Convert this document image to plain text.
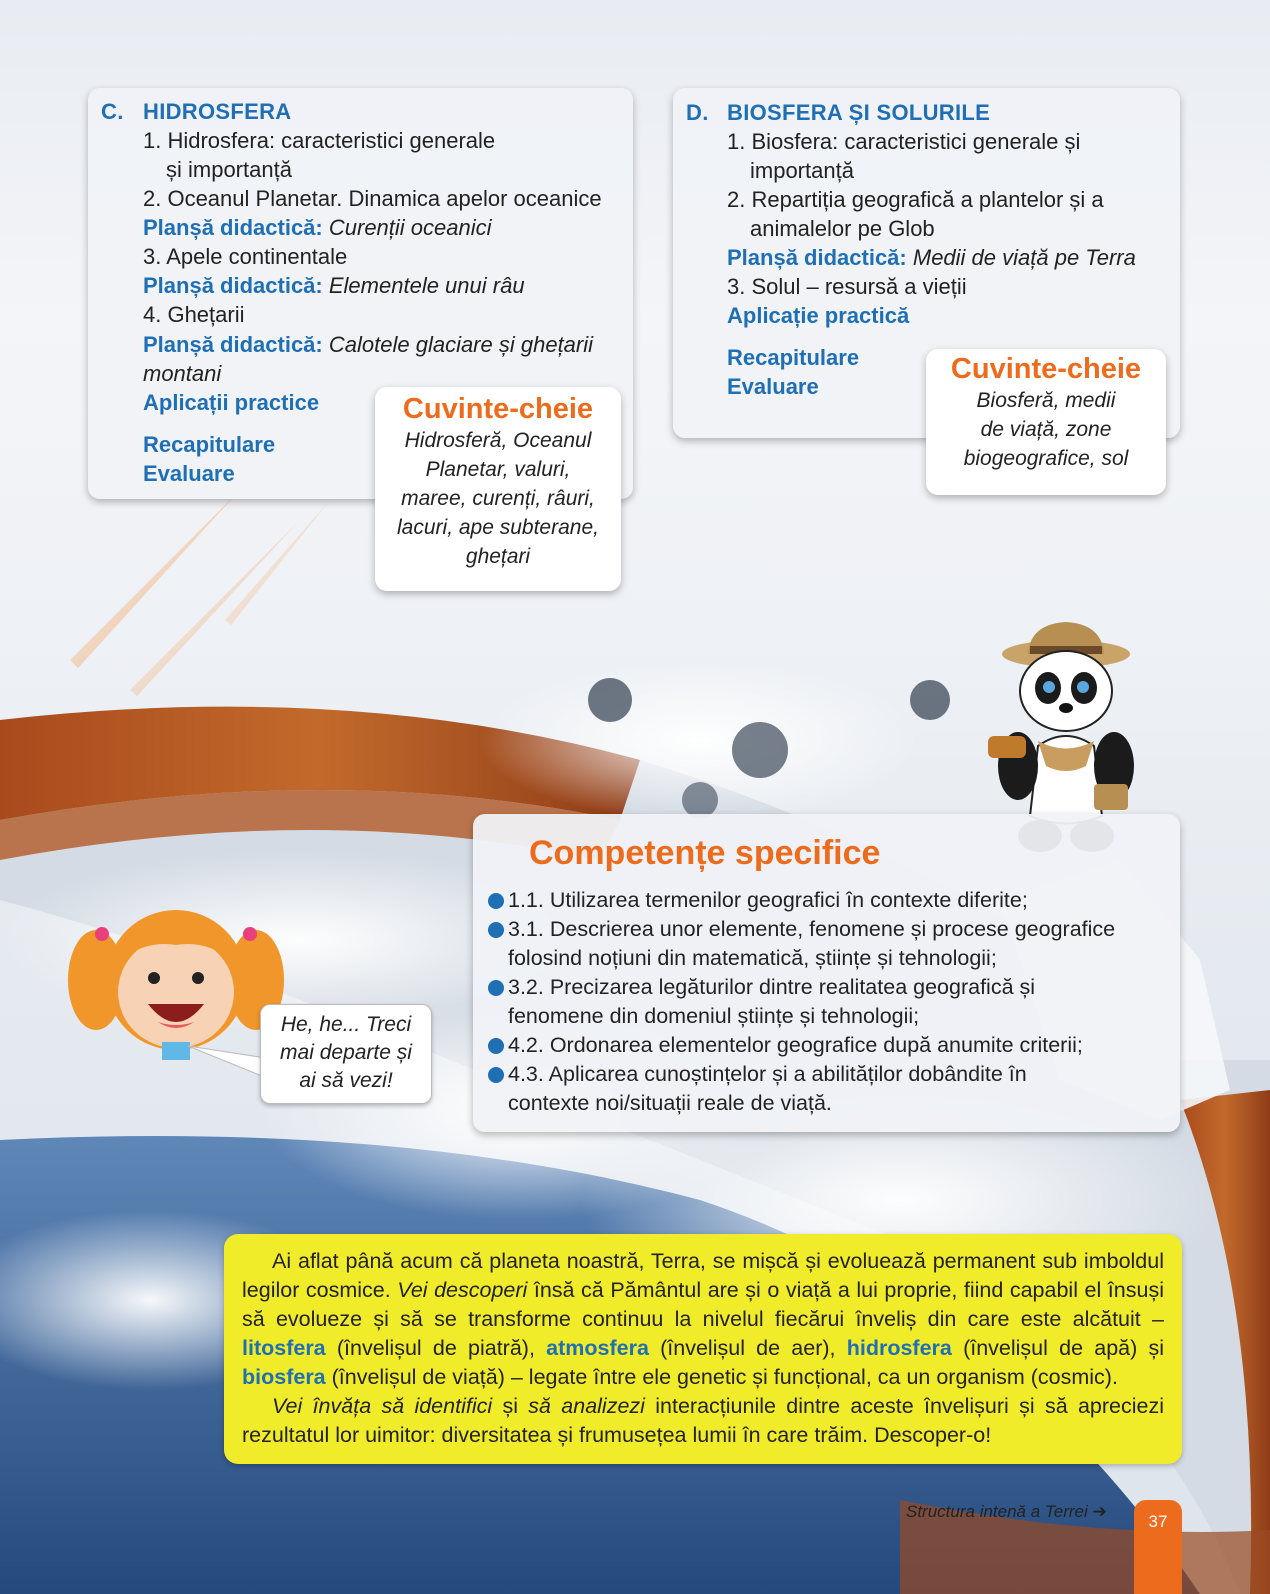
C. HIDROSFERA
1. Hidrosfera: caracteristici generale
și importanță
2. Oceanul Planetar. Dinamica apelor oceanice
Planșă didactică: Curenții oceanici
3. Apele continentale
Planșă didactică: Elementele unui râu
4. Ghețarii
Planșă didactică: Calotele glaciare și ghețarii
montani
Aplicații practice
Recapitulare
Evaluare
Cuvinte-cheie
Hidrosferă, Oceanul
Planetar, valuri,
maree, curenți, râuri,
lacuri, ape subterane,
ghețari
D. BIOSFERA ȘI SOLURILE
1. Biosfera: caracteristici generale și
importanță
2. Repartiția geografică a plantelor și a
animalelor pe Glob
Planșă didactică: Medii de viață pe Terra
3. Solul – resursă a vieții
Aplicație practică
Recapitulare
Evaluare
Cuvinte-cheie
Biosferă, medii
de viață, zone
biogeografice, sol
Competențe specifice
1.1. Utilizarea termenilor geografici în contexte diferite;
3.1. Descrierea unor elemente, fenomene și procese geografice
folosind noțiuni din matematică, științe și tehnologii;
3.2. Precizarea legăturilor dintre realitatea geografică și
fenomene din domeniul științe și tehnologii;
4.2. Ordonarea elementelor geografice după anumite criterii;
4.3. Aplicarea cunoștințelor și a abilităților dobândite în
contexte noi/situații reale de viață.
He, he... Treci
mai departe și
ai să vezi!
Ai aflat până acum că planeta noastră, Terra, se mișcă și evoluează permanent sub imboldul legilor cosmice. Vei descoperi însă că Pământul are și o viață a lui proprie, fiind capabil el însuși să evolueze și să se transforme continuu la nivelul fiecărui înveliș din care este alcătuit – litosfera (învelișul de piatră), atmosfera (învelișul de aer), hidrosfera (învelișul de apă) și biosfera (învelișul de viață) – legate între ele genetic și funcțional, ca un organism (cosmic).
Vei învăța să identifici și să analizezi interacțiunile dintre aceste învelișuri și să apreciezi rezultatul lor uimitor: diversitatea și frumusețea lumii în care trăim. Descoper-o!
Structura intenă a Terrei ➔
37
